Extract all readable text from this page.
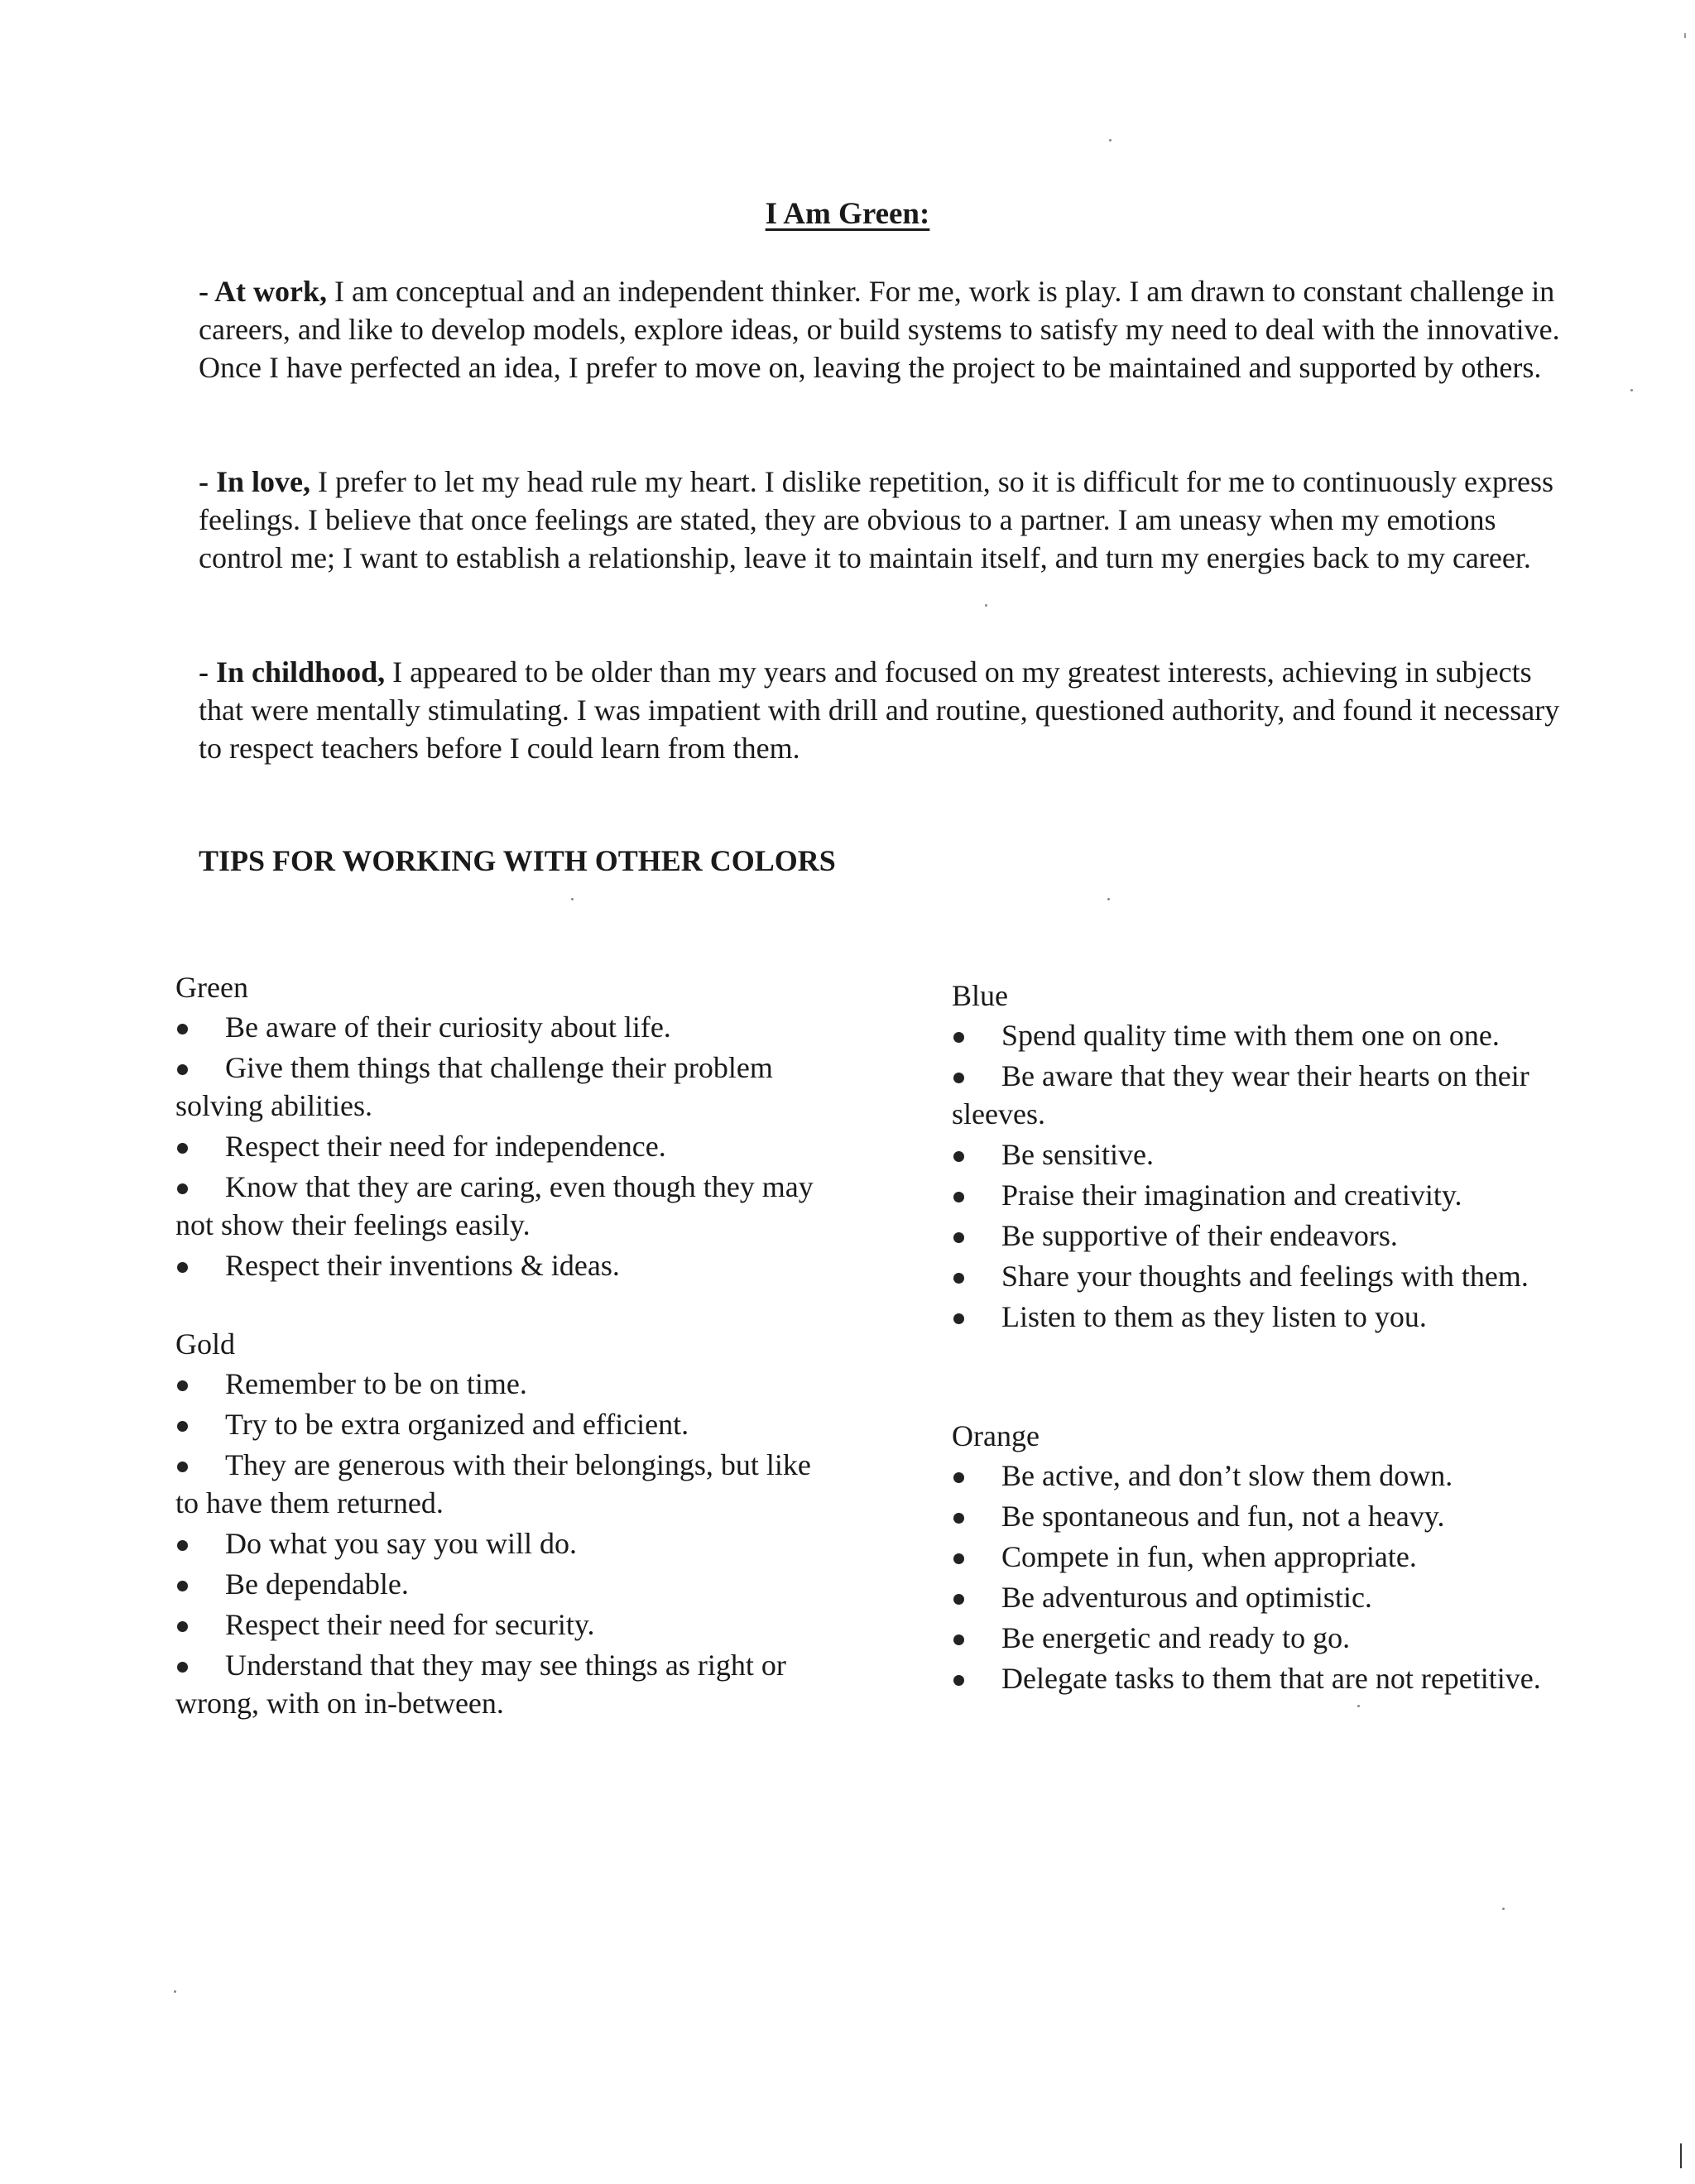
I Am Green:
- At work, I am conceptual and an independent thinker. For me, work is play. I am drawn to constant challenge in careers, and like to develop models, explore ideas, or build systems to satisfy my need to deal with the innovative. Once I have perfected an idea, I prefer to move on, leaving the project to be maintained and supported by others.
- In love, I prefer to let my head rule my heart. I dislike repetition, so it is difficult for me to continuously express feelings. I believe that once feelings are stated, they are obvious to a partner. I am uneasy when my emotions control me; I want to establish a relationship, leave it to maintain itself, and turn my energies back to my career.
- In childhood, I appeared to be older than my years and focused on my greatest interests, achieving in subjects that were mentally stimulating. I was impatient with drill and routine, questioned authority, and found it necessary to respect teachers before I could learn from them.
TIPS FOR WORKING WITH OTHER COLORS
Green
Be aware of their curiosity about life.
Give them things that challenge their problem solving abilities.
Respect their need for independence.
Know that they are caring, even though they may not show their feelings easily.
Respect their inventions & ideas.
Gold
Remember to be on time.
Try to be extra organized and efficient.
They are generous with their belongings, but like to have them returned.
Do what you say you will do.
Be dependable.
Respect their need for security.
Understand that they may see things as right or wrong, with on in-between.
Blue
Spend quality time with them one on one.
Be aware that they wear their hearts on their sleeves.
Be sensitive.
Praise their imagination and creativity.
Be supportive of their endeavors.
Share your thoughts and feelings with them.
Listen to them as they listen to you.
Orange
Be active, and don’t slow them down.
Be spontaneous and fun, not a heavy.
Compete in fun, when appropriate.
Be adventurous and optimistic.
Be energetic and ready to go.
Delegate tasks to them that are not repetitive.
